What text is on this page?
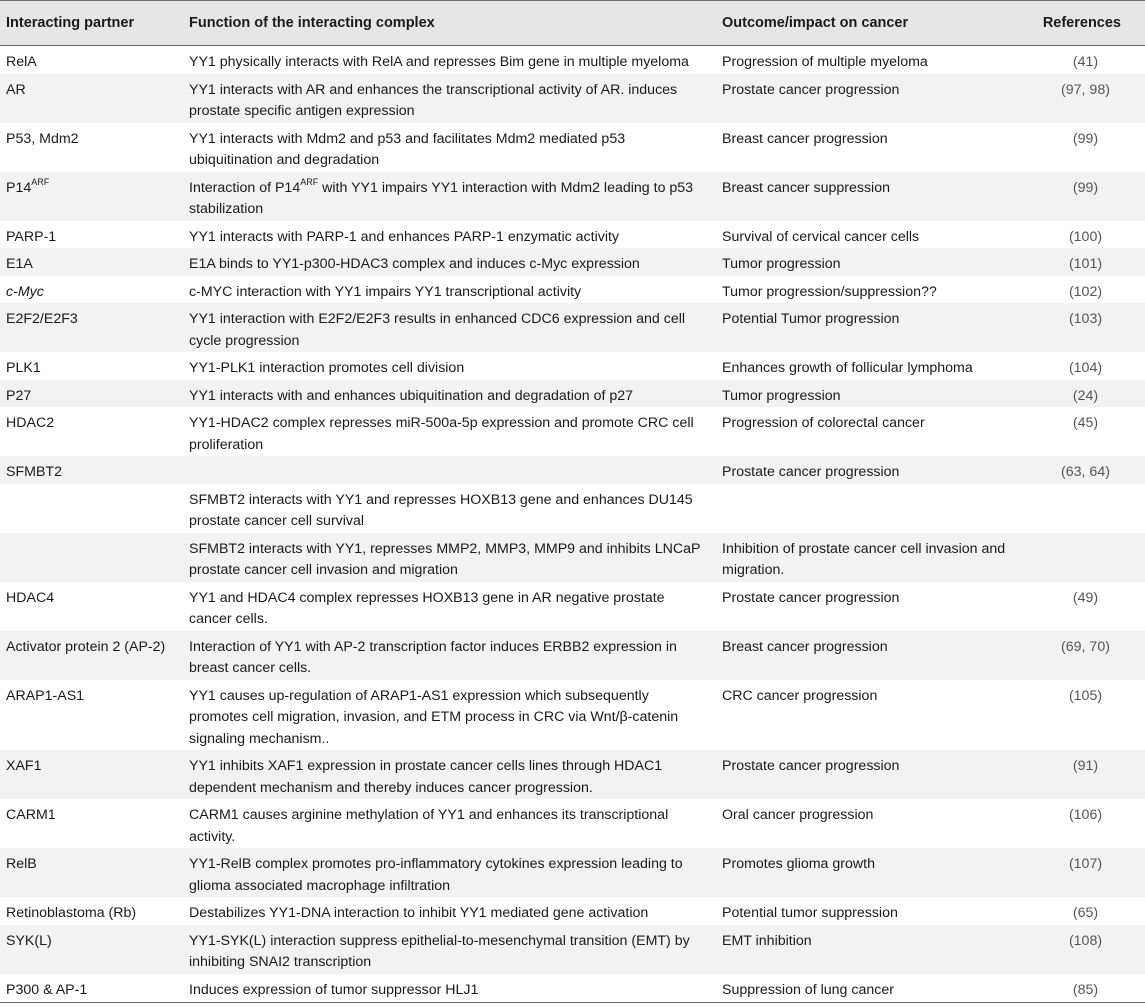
Interacting partner	Function of the interacting complex	Outcome/impact on cancer	References
RelA	YY1 physically interacts with RelA and represses Bim gene in multiple myeloma	Progression of multiple myeloma	(41)
AR	YY1 interacts with AR and enhances the transcriptional activity of AR. induces prostate specific antigen expression	Prostate cancer progression	(97, 98)
P53, Mdm2	YY1 interacts with Mdm2 and p53 and facilitates Mdm2 mediated p53 ubiquitination and degradation	Breast cancer progression	(99)
$P14^{ARF}$	Interaction of $P14^{ARF}$ with YY1 impairs YY1 interaction with Mdm2 leading to p53 stabilization	Breast cancer suppression	(99)
PARP-1	YY1 interacts with PARP-1 and enhances PARP-1 enzymatic activity	Survival of cervical cancer cells	(100)
E1A	E1A binds to YY1-p300-HDAC3 complex and induces c-Myc expression	Tumor progression	(101)
c-Myc	c-MYC interaction with YY1 impairs YY1 transcriptional activity	Tumor progression/suppression??	(102)
E2F2/E2F3	YY1 interaction with E2F2/E2F3 results in enhanced CDC6 expression and cell cycle progression	Potential Tumor progression	(103)
PLK1	YY1-PLK1 interaction promotes cell division	Enhances growth of follicular lymphoma	(104)
P27	YY1 interacts with and enhances ubiquitination and degradation of p27	Tumor progression	(24)
HDAC2	YY1-HDAC2 complex represses miR-500a-5p expression and promote CRC cell proliferation	Progression of colorectal cancer	(45)
SFMBT2		Prostate cancer progression	(63, 64)
	SFMBT2 interacts with YY1 and represses HOXB13 gene and enhances DU145 prostate cancer cell survival		
	SFMBT2 interacts with YY1, represses MMP2, MMP3, MMP9 and inhibits LNCaP prostate cancer cell invasion and migration	Inhibition of prostate cancer cell invasion and migration.	
HDAC4	YY1 and HDAC4 complex represses HOXB13 gene in AR negative prostate cancer cells.	Prostate cancer progression	(49)
Activator protein 2 (AP-2)	Interaction of YY1 with AP-2 transcription factor induces ERBB2 expression in breast cancer cells.	Breast cancer progression	(69, 70)
ARAP1-AS1	YY1 causes up-regulation of ARAP1-AS1 expression which subsequently promotes cell migration, invasion, and ETM process in CRC via Wnt/β-catenin signaling mechanism..	CRC cancer progression	(105)
XAF1	YY1 inhibits XAF1 expression in prostate cancer cells lines through HDAC1 dependent mechanism and thereby induces cancer progression.	Prostate cancer progression	(91)
CARM1	CARM1 causes arginine methylation of YY1 and enhances its transcriptional activity.	Oral cancer progression	(106)
RelB	YY1-RelB complex promotes pro-inflammatory cytokines expression leading to glioma associated macrophage infiltration	Promotes glioma growth	(107)
Retinoblastoma (Rb)	Destabilizes YY1-DNA interaction to inhibit YY1 mediated gene activation	Potential tumor suppression	(65)
SYK(L)	YY1-SYK(L) interaction suppress epithelial-to-mesenchymal transition (EMT) by inhibiting SNAI2 transcription	EMT inhibition	(108)
P300 & AP-1	Induces expression of tumor suppressor HLJ1	Suppression of lung cancer	(85)
